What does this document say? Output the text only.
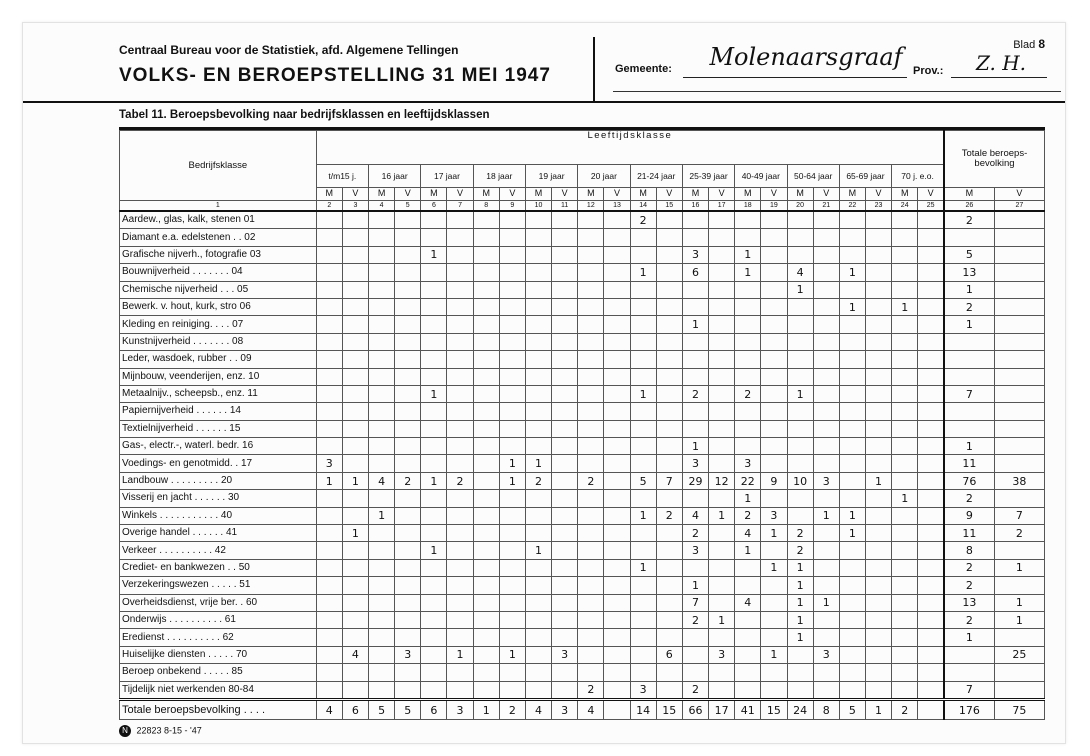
Centraal Bureau voor de Statistiek, afd. Algemene Tellingen
VOLKS- EN BEROEPSTELLING 31 MEI 1947
Blad 8
Gemeente: Molenaarsgraaf Prov.:	Z. H.
Tabel 11. Beroepsbevolking naar bedrijfsklassen en leeftijdsklassen
Bedrijfsklasse	Leeftijdsklasse																								Totale beroeps- bevolking	
	t/m15 j.		16 jaar		17 jaar		18 jaar		19 jaar		20 jaar		21-24 jaar		25-39 jaar		40-49 jaar		50-64 jaar		65-69 jaar		70 j. e.o.			
	M	V	M	V	M	V	M	V	M	V	M	V	M	V	M	V	M	V	M	V	M	V	M	V	M	V
1	2	3	4	5	6	7	8	9	10	11	12	13	14	15	16	17	18	19	20	21	22	23	24	25	26	27
Aardew., glas, kalk, stenen 01													2												2	
Diamant e.a. edelstenen . . 02																										
Grafische nijverh., fotografie 03					1										3		1								5	
Bouwnijverheid . . . . . . . 04													1		6		1		4		1				13	
Chemische nijverheid . . . 05																			1						1	
Bewerk. v. hout, kurk, stro 06																					1		1		2	
Kleding en reiniging. . . . 07															1										1	
Kunstnijverheid . . . . . . . 08																										
Leder, wasdoek, rubber . . 09																										
Mijnbouw, veenderijen, enz. 10																										
Metaalnijv., scheepsb., enz. 11					1								1		2		2		1						7	
Papiernijverheid . . . . . . 14																										
Textielnijverheid . . . . . . 15																										
Gas-, electr.-, waterl. bedr. 16															1										1	
Voedings- en genotmidd. . 17	3							1	1						3		3								11	
Landbouw . . . . . . . . . 20	1	1	4	2	1	2		1	2		2		5	7	29	12	22	9	10	3		1			76	38
Visserij en jacht . . . . . . 30																	1						1		2	
Winkels . . . . . . . . . . . 40			1										1	2	4	1	2	3		1	1				9	7
Overige handel . . . . . . 41		1													2		4	1	2		1				11	2
Verkeer . . . . . . . . . . 42					1				1						3		1		2						8	
Crediet- en bankwezen . . 50													1					1	1						2	1
Verzekeringswezen . . . . . 51															1				1						2	
Overheidsdienst, vrije ber. . 60															7		4		1	1					13	1
Onderwijs . . . . . . . . . . 61															2	1			1						2	1
Eredienst . . . . . . . . . . 62																			1						1	
Huiselijke diensten . . . . . 70		4		3		1		1		3				6		3		1		3						25
Beroep onbekend . . . . . 85																										
Tijdelijk niet werkenden 80-84											2		3		2										7	
Totale beroepsbevolking . . . .	4	6	5	5	6	3	1	2	4	3	4		14	15	66	17	41	15	24	8	5	1	2		176	75
N 22823 8-15 - '47
